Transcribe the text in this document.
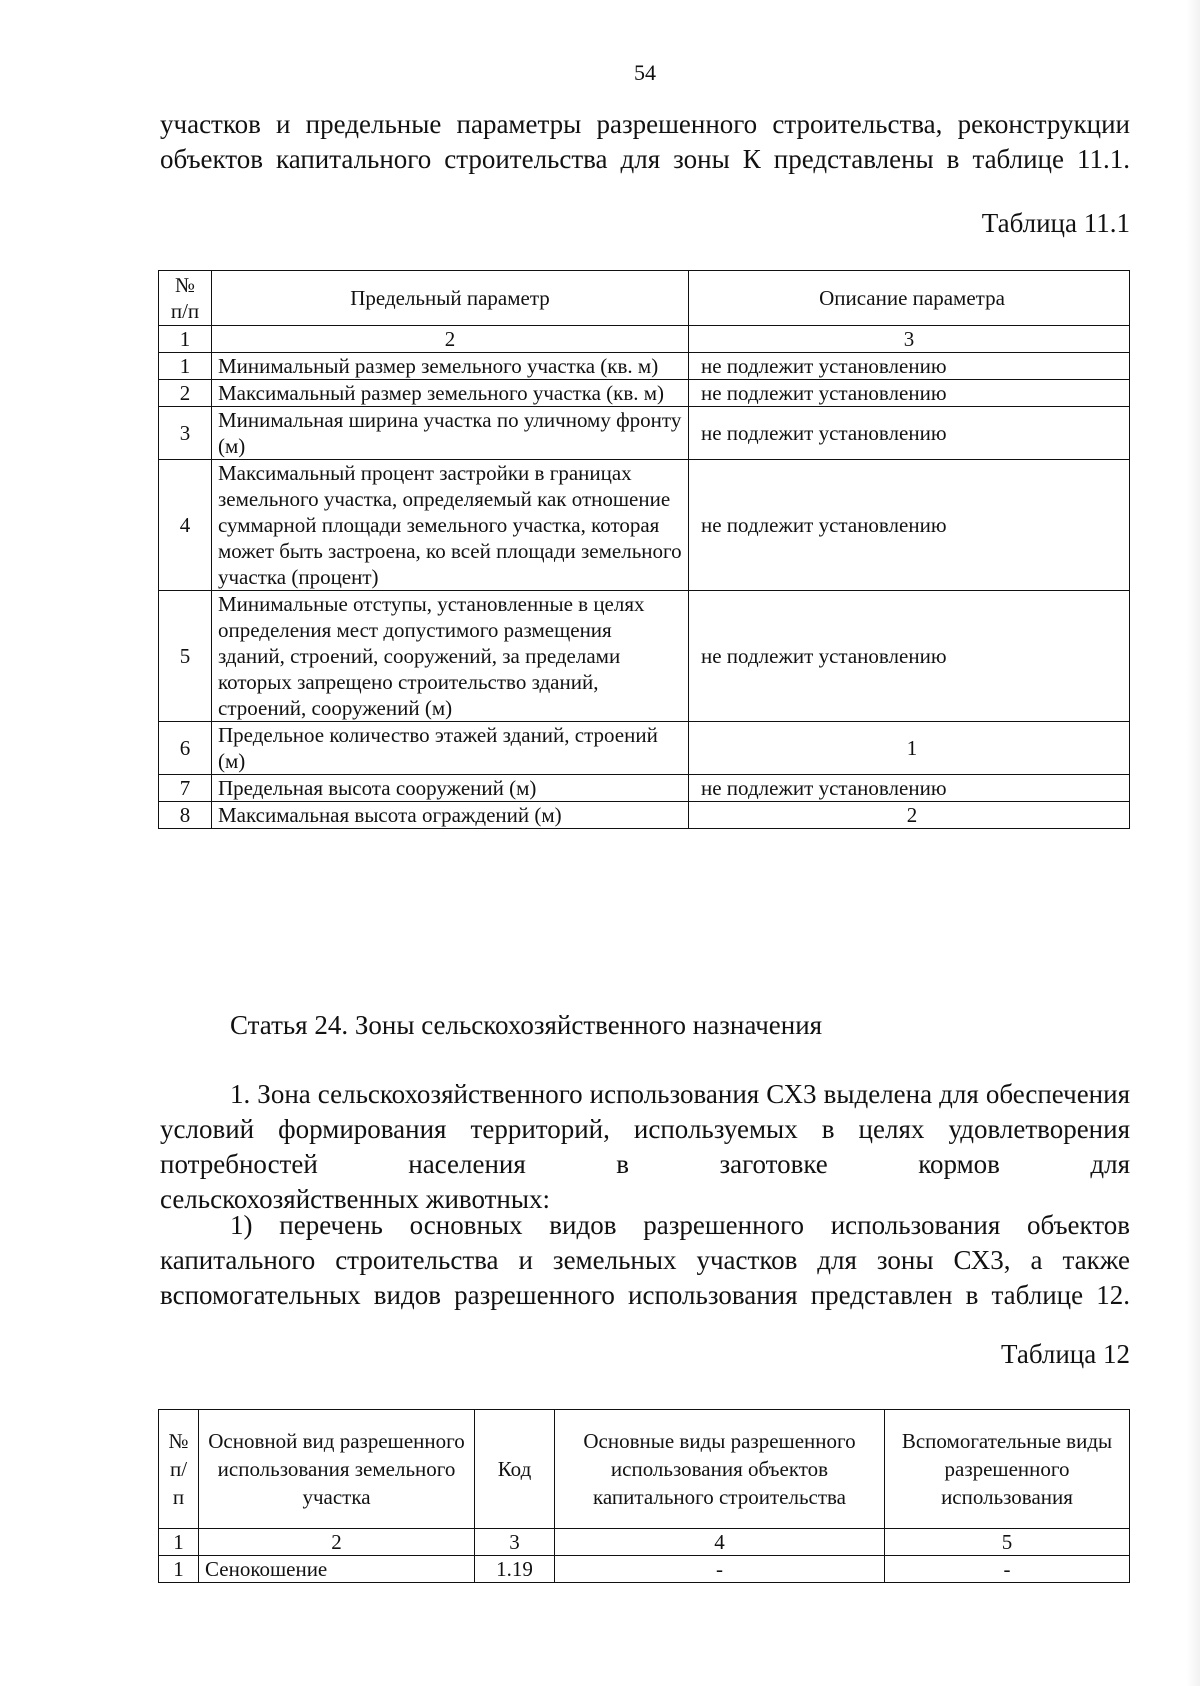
54
участков и предельные параметры разрешенного строительства, реконструкции объектов капитального строительства для зоны К представлены в таблице 11.1.
Таблица 11.1
№ п/п	Предельный параметр	Описание параметра
1	2	3
1	Минимальный размер земельного участка (кв. м)	не подлежит установлению
2	Максимальный размер земельного участка (кв. м)	не подлежит установлению
3	Минимальная ширина участка по уличному фронту (м)	не подлежит установлению
4	Максимальный процент застройки в границах земельного участка, определяемый как отношение суммарной площади земельного участка, которая может быть застроена, ко всей площади земельного участка (процент)	не подлежит установлению
5	Минимальные отступы, установленные в целях определения мест допустимого размещения зданий, строений, сооружений, за пределами которых запрещено строительство зданий, строений, сооружений (м)	не подлежит установлению
6	Предельное количество этажей зданий, строений (м)	1
7	Предельная высота сооружений (м)	не подлежит установлению
8	Максимальная высота ограждений (м)	2
Статья 24. Зоны сельскохозяйственного назначения
1. Зона сельскохозяйственного использования СХ3 выделена для обеспечения условий формирования территорий, используемых в целях удовлетворения потребностей населения в заготовке кормов для
сельскохозяйственных животных:
1) перечень основных видов разрешенного использования объектов капитального строительства и земельных участков для зоны СХ3, а также вспомогательных видов разрешенного использования представлен в таблице 12.
Таблица 12
№ п/п	Основной вид разрешенного использования земельного участка	Код	Основные виды разрешенного использования объектов капитального строительства	Вспомогательные виды разрешенного использования
1	2	3	4	5
1	Сенокошение	1.19	-	-
